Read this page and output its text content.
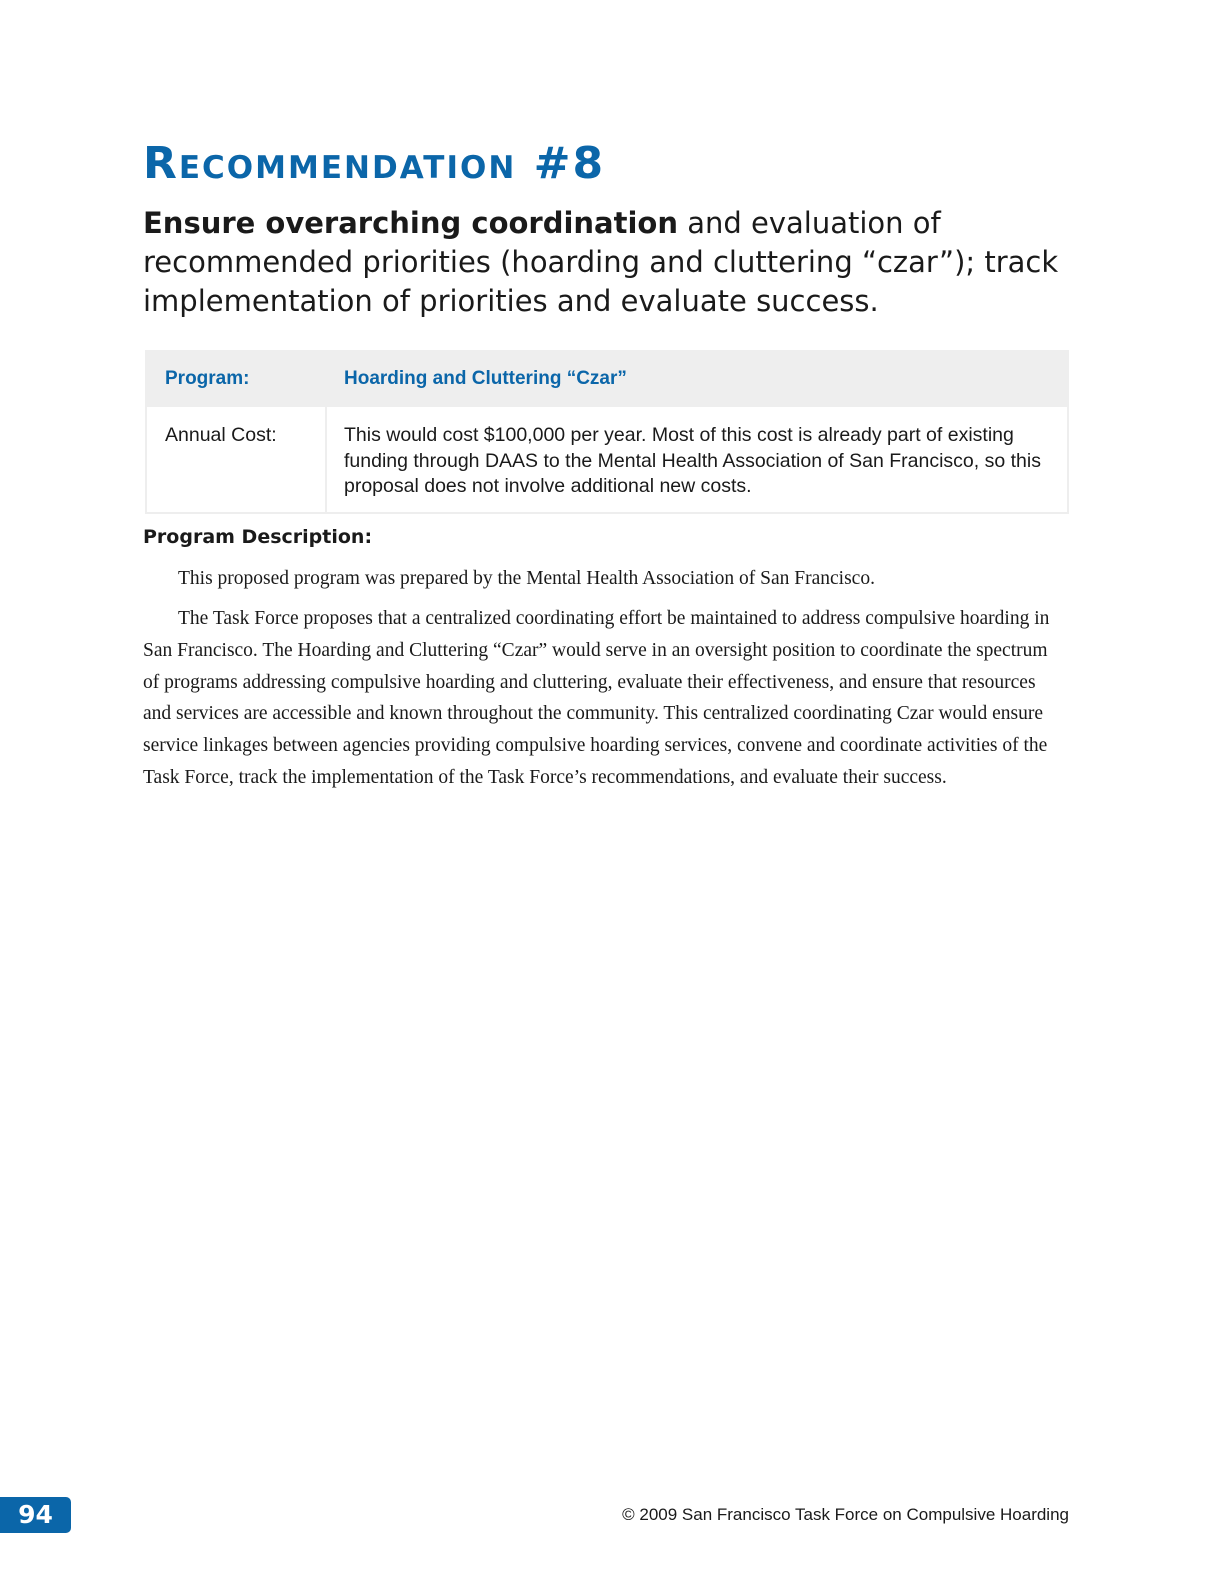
Recommendation #8
Ensure overarching coordination and evaluation of recommended priorities (hoarding and cluttering “czar”); track implementation of priorities and evaluate success.
Program:	Hoarding and Cluttering “Czar”
Annual Cost:	This would cost $100,000 per year. Most of this cost is already part of existing funding through DAAS to the Mental Health Association of San Francisco, so this proposal does not involve additional new costs.
Program Description:

This proposed program was prepared by the Mental Health Association of San Francisco.

The Task Force proposes that a centralized coordinating effort be maintained to address compulsive hoarding in San Francisco. The Hoarding and Cluttering “Czar” would serve in an oversight position to coordinate the spectrum of programs addressing compulsive hoarding and cluttering, evaluate their effectiveness, and ensure that resources and services are accessible and known throughout the community. This centralized coordinating Czar would ensure service linkages between agencies providing compulsive hoarding services, convene and coordinate activities of the Task Force, track the implementation of the Task Force’s recommendations, and evaluate their success.

94	© 2009 San Francisco Task Force on Compulsive Hoarding
